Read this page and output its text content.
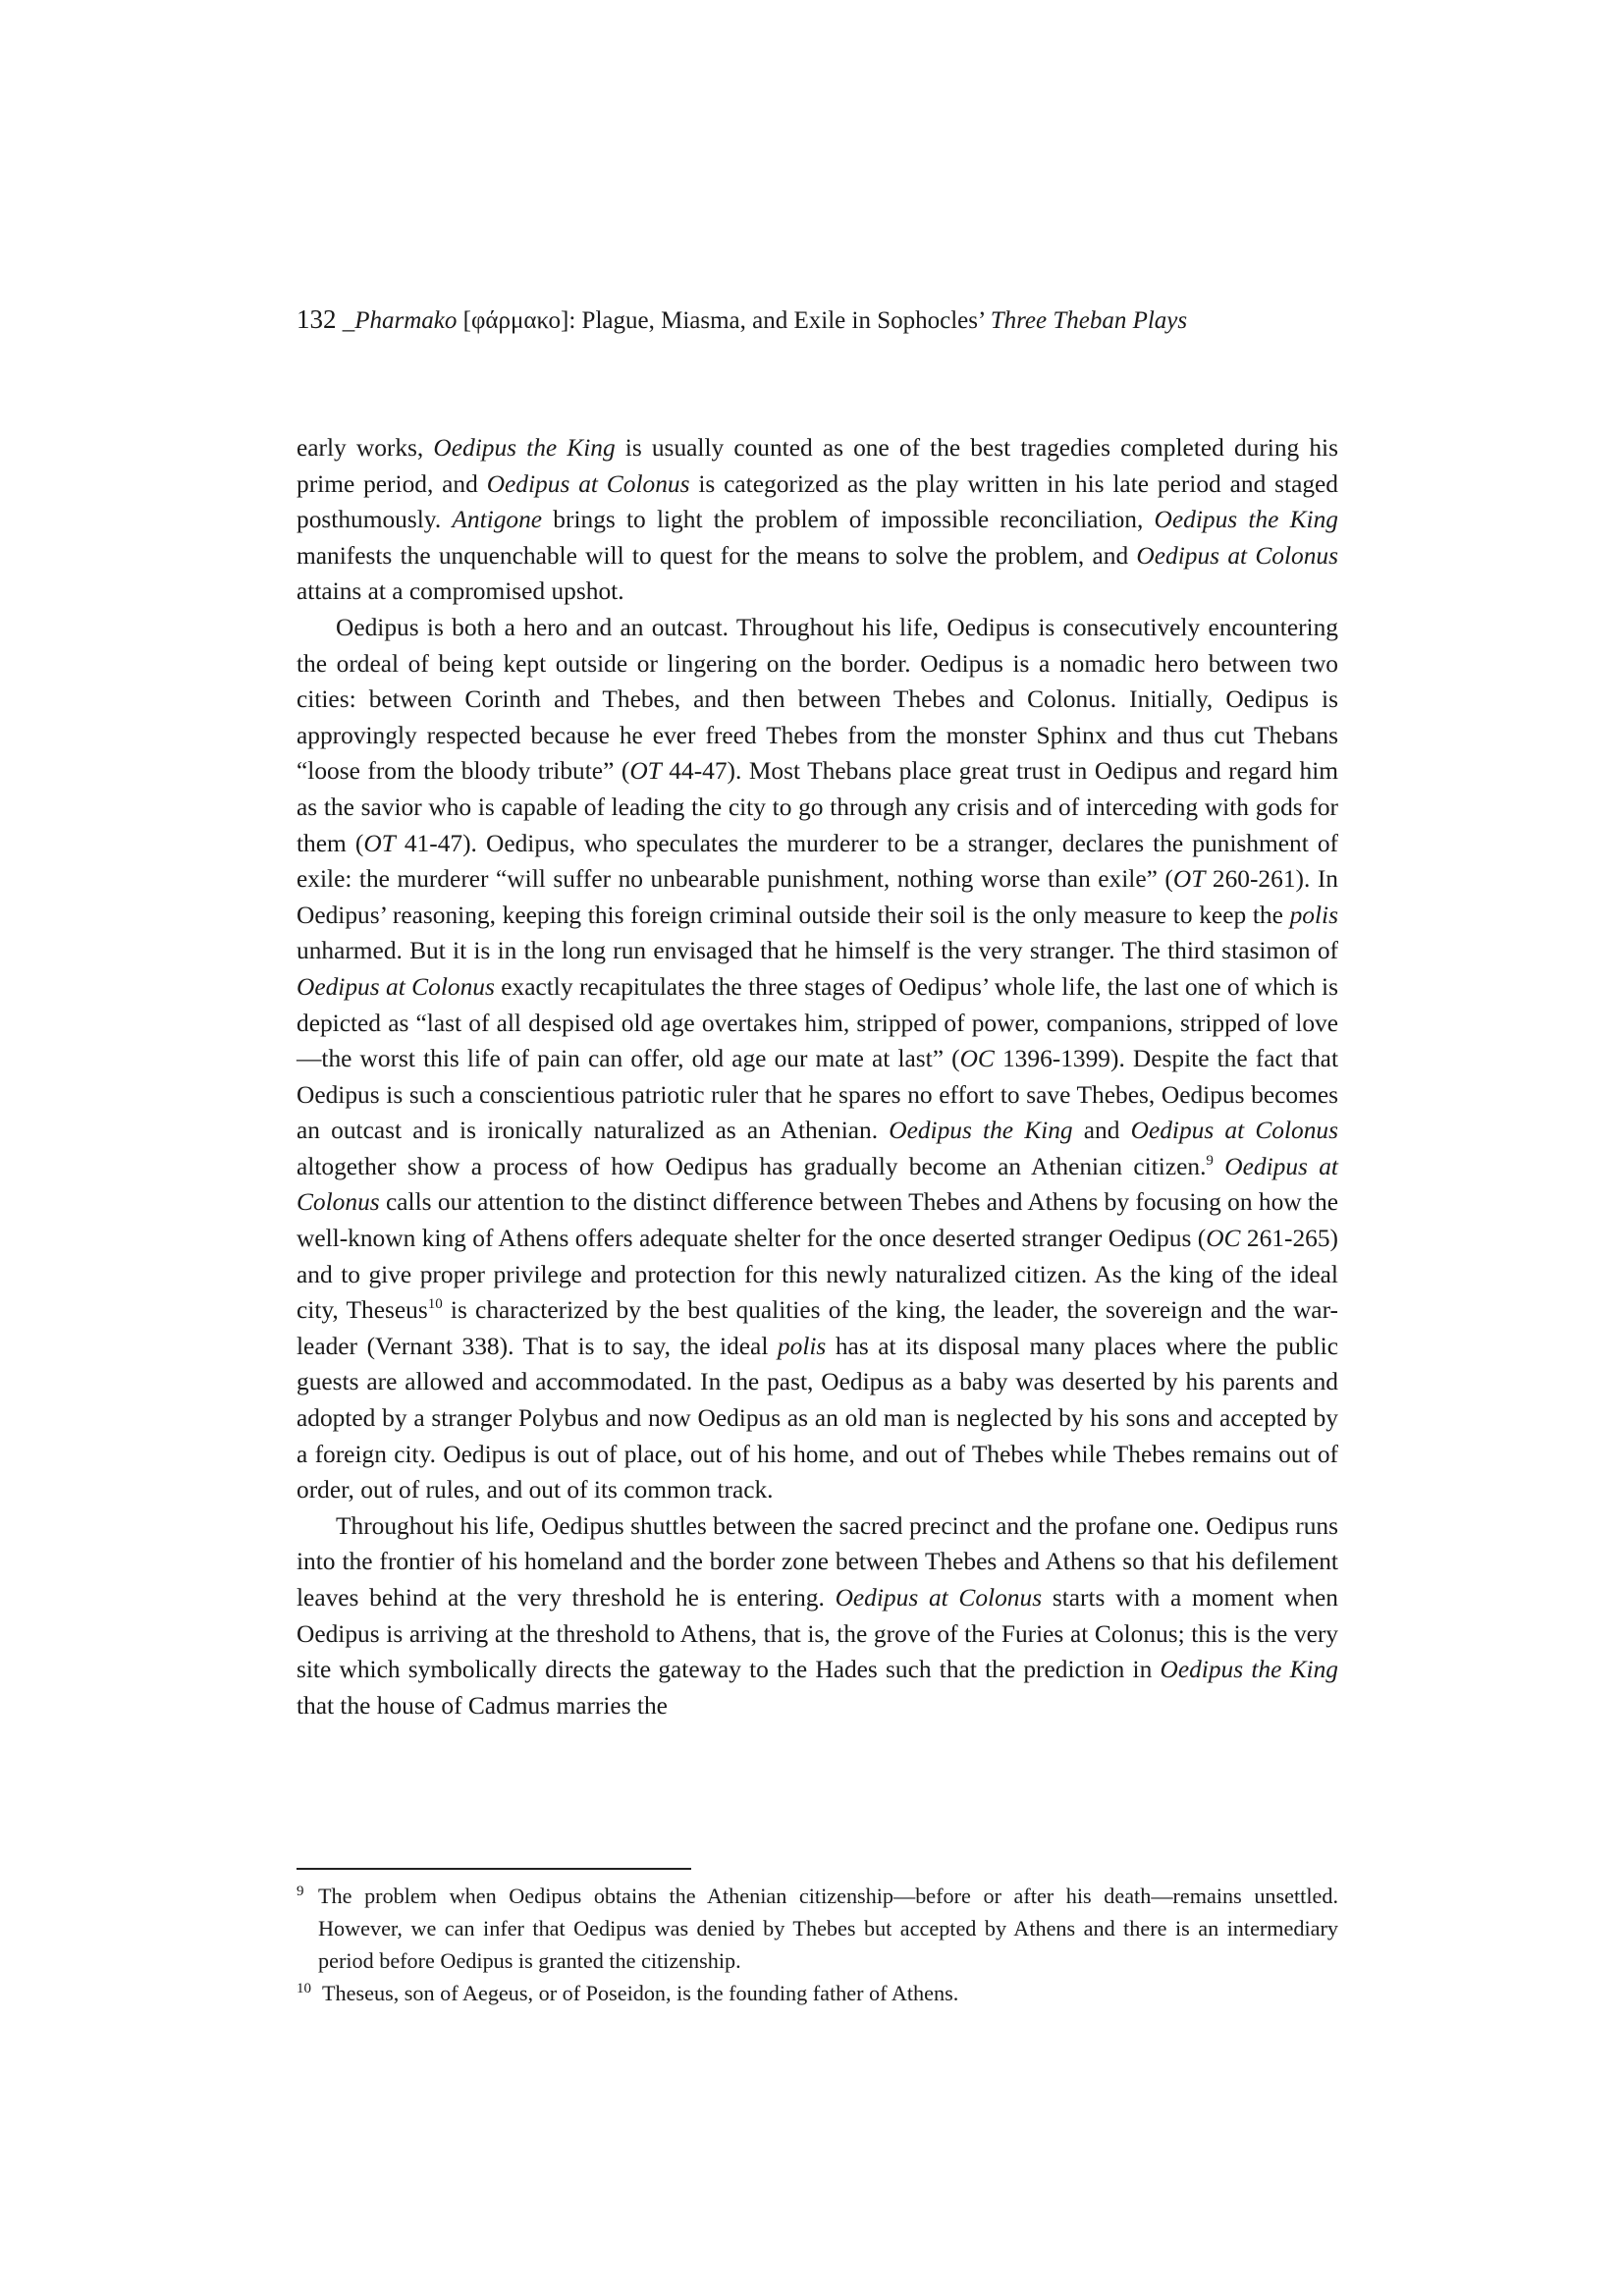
132 _Pharmako [φάρμακο]: Plague, Miasma, and Exile in Sophocles’ Three Theban Plays

early works, Oedipus the King is usually counted as one of the best tragedies completed during his prime period, and Oedipus at Colonus is categorized as the play written in his late period and staged posthumously. Antigone brings to light the problem of impossible reconciliation, Oedipus the King manifests the unquenchable will to quest for the means to solve the problem, and Oedipus at Colonus attains at a compromised upshot.

Oedipus is both a hero and an outcast. Throughout his life, Oedipus is consecutively encountering the ordeal of being kept outside or lingering on the border. Oedipus is a nomadic hero between two cities: between Corinth and Thebes, and then between Thebes and Colonus. Initially, Oedipus is approvingly respected because he ever freed Thebes from the monster Sphinx and thus cut Thebans “loose from the bloody tribute” (OT 44-47). Most Thebans place great trust in Oedipus and regard him as the savior who is capable of leading the city to go through any crisis and of interceding with gods for them (OT 41-47). Oedipus, who speculates the murderer to be a stranger, declares the punishment of exile: the murderer “will suffer no unbearable punishment, nothing worse than exile” (OT 260-261). In Oedipus’ reasoning, keeping this foreign criminal outside their soil is the only measure to keep the polis unharmed. But it is in the long run envisaged that he himself is the very stranger. The third stasimon of Oedipus at Colonus exactly recapitulates the three stages of Oedipus’ whole life, the last one of which is depicted as “last of all despised old age overtakes him, stripped of power, companions, stripped of love—the worst this life of pain can offer, old age our mate at last” (OC 1396-1399). Despite the fact that Oedipus is such a conscientious patriotic ruler that he spares no effort to save Thebes, Oedipus becomes an outcast and is ironically naturalized as an Athenian. Oedipus the King and Oedipus at Colonus altogether show a process of how Oedipus has gradually become an Athenian citizen.$^9$ Oedipus at Colonus calls our attention to the distinct difference between Thebes and Athens by focusing on how the well-known king of Athens offers adequate shelter for the once deserted stranger Oedipus (OC 261-265) and to give proper privilege and protection for this newly naturalized citizen. As the king of the ideal city, Theseus$^{10}$ is characterized by the best qualities of the king, the leader, the sovereign and the war-leader (Vernant 338). That is to say, the ideal polis has at its disposal many places where the public guests are allowed and accommodated. In the past, Oedipus as a baby was deserted by his parents and adopted by a stranger Polybus and now Oedipus as an old man is neglected by his sons and accepted by a foreign city. Oedipus is out of place, out of his home, and out of Thebes while Thebes remains out of order, out of rules, and out of its common track.

Throughout his life, Oedipus shuttles between the sacred precinct and the profane one. Oedipus runs into the frontier of his homeland and the border zone between Thebes and Athens so that his defilement leaves behind at the very threshold he is entering. Oedipus at Colonus starts with a moment when Oedipus is arriving at the threshold to Athens, that is, the grove of the Furies at Colonus; this is the very site which symbolically directs the gateway to the Hades such that the prediction in Oedipus the King that the house of Cadmus marries the

9 The problem when Oedipus obtains the Athenian citizenship—before or after his death—remains unsettled. However, we can infer that Oedipus was denied by Thebes but accepted by Athens and there is an intermediary period before Oedipus is granted the citizenship.

10 Theseus, son of Aegeus, or of Poseidon, is the founding father of Athens.
